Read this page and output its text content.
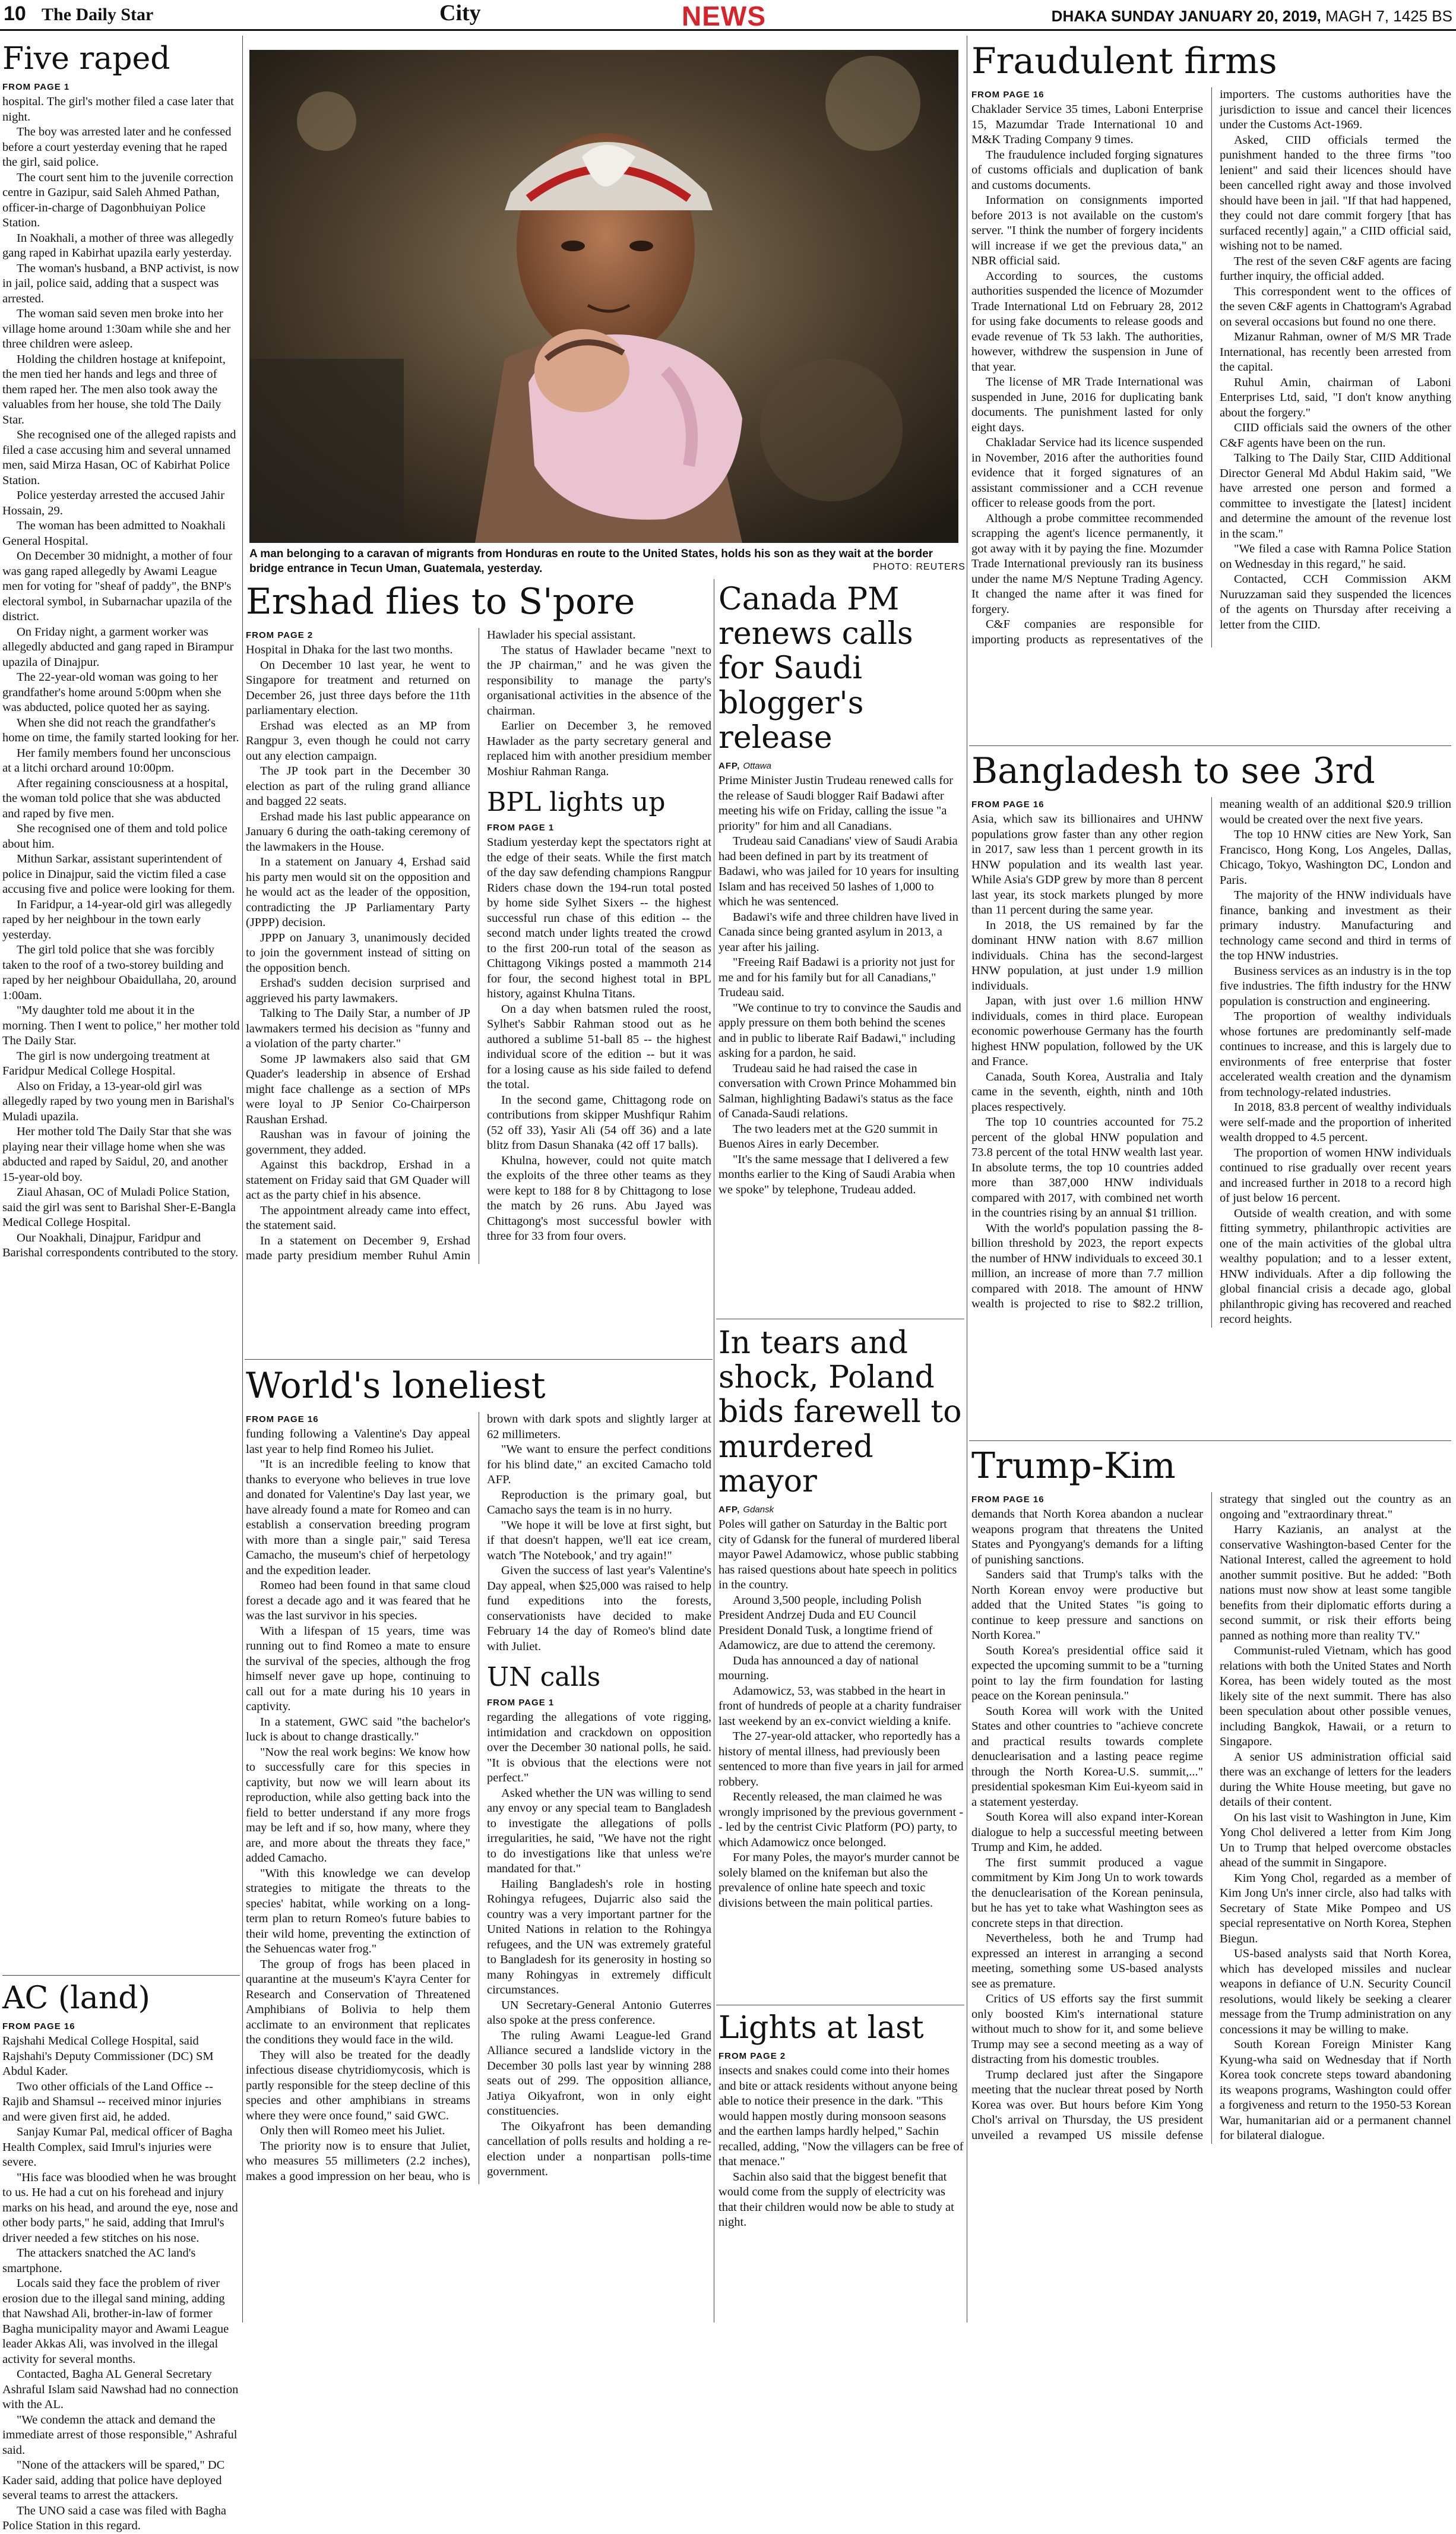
10 The Daily Star	City	NEWS	DHAKA SUNDAY JANUARY 20, 2019, MAGH 7, 1425 BS
A man belonging to a caravan of migrants from Honduras en route to the United States, holds his son as they wait at the border bridge entrance in Tecun Uman, Guatemala, yesterday.	PHOTO: REUTERS
Five raped
FROM PAGE 1

hospital. The girl's mother filed a case later that night.

The boy was arrested later and he confessed before a court yesterday evening that he raped the girl, said police.

The court sent him to the juvenile correction centre in Gazipur, said Saleh Ahmed Pathan, officer-in-charge of Dagonbhuiyan Police Station.

In Noakhali, a mother of three was allegedly gang raped in Kabirhat upazila early yesterday.

The woman's husband, a BNP activist, is now in jail, police said, adding that a suspect was arrested.

The woman said seven men broke into her village home around 1:30am while she and her three children were asleep.

Holding the children hostage at knifepoint, the men tied her hands and legs and three of them raped her. The men also took away the valuables from her house, she told The Daily Star.

She recognised one of the alleged rapists and filed a case accusing him and several unnamed men, said Mirza Hasan, OC of Kabirhat Police Station.

Police yesterday arrested the accused Jahir Hossain, 29.

The woman has been admitted to Noakhali General Hospital.

On December 30 midnight, a mother of four was gang raped allegedly by Awami League men for voting for "sheaf of paddy", the BNP's electoral symbol, in Subarnachar upazila of the district.

On Friday night, a garment worker was allegedly abducted and gang raped in Birampur upazila of Dinajpur.

The 22-year-old woman was going to her grandfather's home around 5:00pm when she was abducted, police quoted her as saying.

When she did not reach the grandfather's home on time, the family started looking for her.

Her family members found her unconscious at a litchi orchard around 10:00pm.

After regaining consciousness at a hospital, the woman told police that she was abducted and raped by five men.

She recognised one of them and told police about him.

Mithun Sarkar, assistant superintendent of police in Dinajpur, said the victim filed a case accusing five and police were looking for them.

In Faridpur, a 14-year-old girl was allegedly raped by her neighbour in the town early yesterday.

The girl told police that she was forcibly taken to the roof of a two-storey building and raped by her neighbour Obaidullaha, 20, around 1:00am.

"My daughter told me about it in the morning. Then I went to police," her mother told The Daily Star.

The girl is now undergoing treatment at Faridpur Medical College Hospital.

Also on Friday, a 13-year-old girl was allegedly raped by two young men in Barishal's Muladi upazila.

Her mother told The Daily Star that she was playing near their village home when she was abducted and raped by Saidul, 20, and another 15-year-old boy.

Ziaul Ahasan, OC of Muladi Police Station, said the girl was sent to Barishal Sher-E-Bangla Medical College Hospital.

Our Noakhali, Dinajpur, Faridpur and Barishal correspondents contributed to the story.

AC (land)
FROM PAGE 16

Rajshahi Medical College Hospital, said Rajshahi's Deputy Commissioner (DC) SM Abdul Kader.

Two other officials of the Land Office -- Rajib and Shamsul -- received minor injuries and were given first aid, he added.

Sanjay Kumar Pal, medical officer of Bagha Health Complex, said Imrul's injuries were severe.

"His face was bloodied when he was brought to us. He had a cut on his forehead and injury marks on his head, and around the eye, nose and other body parts," he said, adding that Imrul's driver needed a few stitches on his nose.

The attackers snatched the AC land's smartphone.

Locals said they face the problem of river erosion due to the illegal sand mining, adding that Nawshad Ali, brother-in-law of former Bagha municipality mayor and Awami League leader Akkas Ali, was involved in the illegal activity for several months.

Contacted, Bagha AL General Secretary Ashraful Islam said Nawshad had no connection with the AL.

"We condemn the attack and demand the immediate arrest of those responsible," Ashraful said.

"None of the attackers will be spared," DC Kader said, adding that police have deployed several teams to arrest the attackers.

The UNO said a case was filed with Bagha Police Station in this regard.

Ershad flies to S'pore
FROM PAGE 2

Hospital in Dhaka for the last two months.

On December 10 last year, he went to Singapore for treatment and returned on December 26, just three days before the 11th parliamentary election.

Ershad was elected as an MP from Rangpur 3, even though he could not carry out any election campaign.

The JP took part in the December 30 election as part of the ruling grand alliance and bagged 22 seats.

Ershad made his last public appearance on January 6 during the oath-taking ceremony of the lawmakers in the House.

In a statement on January 4, Ershad said his party men would sit on the opposition and he would act as the leader of the opposition, contradicting the JP Parliamentary Party (JPPP) decision.

JPPP on January 3, unanimously decided to join the government instead of sitting on the opposition bench.

Ershad's sudden decision surprised and aggrieved his party lawmakers.

Talking to The Daily Star, a number of JP lawmakers termed his decision as "funny and a violation of the party charter."

Some JP lawmakers also said that GM Quader's leadership in absence of Ershad might face challenge as a section of MPs were loyal to JP Senior Co-Chairperson Raushan Ershad.

Raushan was in favour of joining the government, they added.

Against this backdrop, Ershad in a statement on Friday said that GM Quader will act as the party chief in his absence.

The appointment already came into effect, the statement said.

In a statement on December 9, Ershad made party presidium member Ruhul Amin Hawlader his special assistant.

The status of Hawlader became "next to the JP chairman," and he was given the responsibility to manage the party's organisational activities in the absence of the chairman.

Earlier on December 3, he removed Hawlader as the party secretary general and replaced him with another presidium member Moshiur Rahman Ranga.

BPL lights up
FROM PAGE 1

Stadium yesterday kept the spectators right at the edge of their seats. While the first match of the day saw defending champions Rangpur Riders chase down the 194-run total posted by home side Sylhet Sixers -- the highest successful run chase of this edition -- the second match under lights treated the crowd to the first 200-run total of the season as Chittagong Vikings posted a mammoth 214 for four, the second highest total in BPL history, against Khulna Titans.

On a day when batsmen ruled the roost, Sylhet's Sabbir Rahman stood out as he authored a sublime 51-ball 85 -- the highest individual score of the edition -- but it was for a losing cause as his side failed to defend the total.

In the second game, Chittagong rode on contributions from skipper Mushfiqur Rahim (52 off 33), Yasir Ali (54 off 36) and a late blitz from Dasun Shanaka (42 off 17 balls).

Khulna, however, could not quite match the exploits of the three other teams as they were kept to 188 for 8 by Chittagong to lose the match by 26 runs. Abu Jayed was Chittagong's most successful bowler with three for 33 from four overs.

World's loneliest
FROM PAGE 16

funding following a Valentine's Day appeal last year to help find Romeo his Juliet.

"It is an incredible feeling to know that thanks to everyone who believes in true love and donated for Valentine's Day last year, we have already found a mate for Romeo and can establish a conservation breeding program with more than a single pair," said Teresa Camacho, the museum's chief of herpetology and the expedition leader.

Romeo had been found in that same cloud forest a decade ago and it was feared that he was the last survivor in his species.

With a lifespan of 15 years, time was running out to find Romeo a mate to ensure the survival of the species, although the frog himself never gave up hope, continuing to call out for a mate during his 10 years in captivity.

In a statement, GWC said "the bachelor's luck is about to change drastically."

"Now the real work begins: We know how to successfully care for this species in captivity, but now we will learn about its reproduction, while also getting back into the field to better understand if any more frogs may be left and if so, how many, where they are, and more about the threats they face," added Camacho.

"With this knowledge we can develop strategies to mitigate the threats to the species' habitat, while working on a long-term plan to return Romeo's future babies to their wild home, preventing the extinction of the Sehuencas water frog."

The group of frogs has been placed in quarantine at the museum's K'ayra Center for Research and Conservation of Threatened Amphibians of Bolivia to help them acclimate to an environment that replicates the conditions they would face in the wild.

They will also be treated for the deadly infectious disease chytridiomycosis, which is partly responsible for the steep decline of this species and other amphibians in streams where they were once found," said GWC.

Only then will Romeo meet his Juliet.

The priority now is to ensure that Juliet, who measures 55 millimeters (2.2 inches), makes a good impression on her beau, who is brown with dark spots and slightly larger at 62 millimeters.

"We want to ensure the perfect conditions for his blind date," an excited Camacho told AFP.

Reproduction is the primary goal, but Camacho says the team is in no hurry.

"We hope it will be love at first sight, but if that doesn't happen, we'll eat ice cream, watch 'The Notebook,' and try again!"

Given the success of last year's Valentine's Day appeal, when $25,000 was raised to help fund expeditions into the forests, conservationists have decided to make February 14 the day of Romeo's blind date with Juliet.

UN calls
FROM PAGE 1

regarding the allegations of vote rigging, intimidation and crackdown on opposition over the December 30 national polls, he said. "It is obvious that the elections were not perfect."

Asked whether the UN was willing to send any envoy or any special team to Bangladesh to investigate the allegations of polls irregularities, he said, "We have not the right to do investigations like that unless we're mandated for that."

Hailing Bangladesh's role in hosting Rohingya refugees, Dujarric also said the country was a very important partner for the United Nations in relation to the Rohingya refugees, and the UN was extremely grateful to Bangladesh for its generosity in hosting so many Rohingyas in extremely difficult circumstances.

UN Secretary-General Antonio Guterres also spoke at the press conference.

The ruling Awami League-led Grand Alliance secured a landslide victory in the December 30 polls last year by winning 288 seats out of 299. The opposition alliance, Jatiya Oikyafront, won in only eight constituencies.

The Oikyafront has been demanding cancellation of polls results and holding a re-election under a nonpartisan polls-time government.

Canada PM renews calls for Saudi blogger's release
AFP, Ottawa

Prime Minister Justin Trudeau renewed calls for the release of Saudi blogger Raif Badawi after meeting his wife on Friday, calling the issue "a priority" for him and all Canadians.

Trudeau said Canadians' view of Saudi Arabia had been defined in part by its treatment of Badawi, who was jailed for 10 years for insulting Islam and has received 50 lashes of 1,000 to which he was sentenced.

Badawi's wife and three children have lived in Canada since being granted asylum in 2013, a year after his jailing.

"Freeing Raif Badawi is a priority not just for me and for his family but for all Canadians," Trudeau said.

"We continue to try to convince the Saudis and apply pressure on them both behind the scenes and in public to liberate Raif Badawi," including asking for a pardon, he said.

Trudeau said he had raised the case in conversation with Crown Prince Mohammed bin Salman, highlighting Badawi's status as the face of Canada-Saudi relations.

The two leaders met at the G20 summit in Buenos Aires in early December.

"It's the same message that I delivered a few months earlier to the King of Saudi Arabia when we spoke" by telephone, Trudeau added.

In tears and shock, Poland bids farewell to murdered mayor
AFP, Gdansk

Poles will gather on Saturday in the Baltic port city of Gdansk for the funeral of murdered liberal mayor Pawel Adamowicz, whose public stabbing has raised questions about hate speech in politics in the country.

Around 3,500 people, including Polish President Andrzej Duda and EU Council President Donald Tusk, a longtime friend of Adamowicz, are due to attend the ceremony.

Duda has announced a day of national mourning.

Adamowicz, 53, was stabbed in the heart in front of hundreds of people at a charity fundraiser last weekend by an ex-convict wielding a knife.

The 27-year-old attacker, who reportedly has a history of mental illness, had previously been sentenced to more than five years in jail for armed robbery.

Recently released, the man claimed he was wrongly imprisoned by the previous government -- led by the centrist Civic Platform (PO) party, to which Adamowicz once belonged.

For many Poles, the mayor's murder cannot be solely blamed on the knifeman but also the prevalence of online hate speech and toxic divisions between the main political parties.

Lights at last
FROM PAGE 2

insects and snakes could come into their homes and bite or attack residents without anyone being able to notice their presence in the dark. "This would happen mostly during monsoon seasons and the earthen lamps hardly helped," Sachin recalled, adding, "Now the villagers can be free of that menace."

Sachin also said that the biggest benefit that would come from the supply of electricity was that their children would now be able to study at night.

Fraudulent firms
FROM PAGE 16

Chaklader Service 35 times, Laboni Enterprise 15, Mazumdar Trade International 10 and M&K Trading Company 9 times.

The fraudulence included forging signatures of customs officials and duplication of bank and customs documents.

Information on consignments imported before 2013 is not available on the custom's server. "I think the number of forgery incidents will increase if we get the previous data," an NBR official said.

According to sources, the customs authorities suspended the licence of Mozumder Trade International Ltd on February 28, 2012 for using fake documents to release goods and evade revenue of Tk 53 lakh. The authorities, however, withdrew the suspension in June of that year.

The license of MR Trade International was suspended in June, 2016 for duplicating bank documents. The punishment lasted for only eight days.

Chakladar Service had its licence suspended in November, 2016 after the authorities found evidence that it forged signatures of an assistant commissioner and a CCH revenue officer to release goods from the port.

Although a probe committee recommended scrapping the agent's licence permanently, it got away with it by paying the fine. Mozumder Trade International previously ran its business under the name M/S Neptune Trading Agency. It changed the name after it was fined for forgery.

C&F companies are responsible for importing products as representatives of the importers. The customs authorities have the jurisdiction to issue and cancel their licences under the Customs Act-1969.

Asked, CIID officials termed the punishment handed to the three firms "too lenient" and said their licences should have been cancelled right away and those involved should have been in jail. "If that had happened, they could not dare commit forgery [that has surfaced recently] again," a CIID official said, wishing not to be named.

The rest of the seven C&F agents are facing further inquiry, the official added.

This correspondent went to the offices of the seven C&F agents in Chattogram's Agrabad on several occasions but found no one there.

Mizanur Rahman, owner of M/S MR Trade International, has recently been arrested from the capital.

Ruhul Amin, chairman of Laboni Enterprises Ltd, said, "I don't know anything about the forgery."

CIID officials said the owners of the other C&F agents have been on the run.

Talking to The Daily Star, CIID Additional Director General Md Abdul Hakim said, "We have arrested one person and formed a committee to investigate the [latest] incident and determine the amount of the revenue lost in the scam."

"We filed a case with Ramna Police Station on Wednesday in this regard," he said.

Contacted, CCH Commission AKM Nuruzzaman said they suspended the licences of the agents on Thursday after receiving a letter from the CIID.

Bangladesh to see 3rd
FROM PAGE 16

Asia, which saw its billionaires and UHNW populations grow faster than any other region in 2017, saw less than 1 percent growth in its HNW population and its wealth last year. While Asia's GDP grew by more than 8 percent last year, its stock markets plunged by more than 11 percent during the same year.

In 2018, the US remained by far the dominant HNW nation with 8.67 million individuals. China has the second-largest HNW population, at just under 1.9 million individuals.

Japan, with just over 1.6 million HNW individuals, comes in third place. European economic powerhouse Germany has the fourth highest HNW population, followed by the UK and France.

Canada, South Korea, Australia and Italy came in the seventh, eighth, ninth and 10th places respectively.

The top 10 countries accounted for 75.2 percent of the global HNW population and 73.8 percent of the total HNW wealth last year. In absolute terms, the top 10 countries added more than 387,000 HNW individuals compared with 2017, with combined net worth in the countries rising by an annual $1 trillion.

With the world's population passing the 8-billion threshold by 2023, the report expects the number of HNW individuals to exceed 30.1 million, an increase of more than 7.7 million compared with 2018. The amount of HNW wealth is projected to rise to $82.2 trillion, meaning wealth of an additional $20.9 trillion would be created over the next five years.

The top 10 HNW cities are New York, San Francisco, Hong Kong, Los Angeles, Dallas, Chicago, Tokyo, Washington DC, London and Paris.

The majority of the HNW individuals have finance, banking and investment as their primary industry. Manufacturing and technology came second and third in terms of the top HNW industries.

Business services as an industry is in the top five industries. The fifth industry for the HNW population is construction and engineering.

The proportion of wealthy individuals whose fortunes are predominantly self-made continues to increase, and this is largely due to environments of free enterprise that foster accelerated wealth creation and the dynamism from technology-related industries.

In 2018, 83.8 percent of wealthy individuals were self-made and the proportion of inherited wealth dropped to 4.5 percent.

The proportion of women HNW individuals continued to rise gradually over recent years and increased further in 2018 to a record high of just below 16 percent.

Outside of wealth creation, and with some fitting symmetry, philanthropic activities are one of the main activities of the global ultra wealthy population; and to a lesser extent, HNW individuals. After a dip following the global financial crisis a decade ago, global philanthropic giving has recovered and reached record heights.

Trump-Kim
FROM PAGE 16

demands that North Korea abandon a nuclear weapons program that threatens the United States and Pyongyang's demands for a lifting of punishing sanctions.

Sanders said that Trump's talks with the North Korean envoy were productive but added that the United States "is going to continue to keep pressure and sanctions on North Korea."

South Korea's presidential office said it expected the upcoming summit to be a "turning point to lay the firm foundation for lasting peace on the Korean peninsula."

South Korea will work with the United States and other countries to "achieve concrete and practical results towards complete denuclearisation and a lasting peace regime through the North Korea-U.S. summit,..." presidential spokesman Kim Eui-kyeom said in a statement yesterday.

South Korea will also expand inter-Korean dialogue to help a successful meeting between Trump and Kim, he added.

The first summit produced a vague commitment by Kim Jong Un to work towards the denuclearisation of the Korean peninsula, but he has yet to take what Washington sees as concrete steps in that direction.

Nevertheless, both he and Trump had expressed an interest in arranging a second meeting, something some US-based analysts see as premature.

Critics of US efforts say the first summit only boosted Kim's international stature without much to show for it, and some believe Trump may see a second meeting as a way of distracting from his domestic troubles.

Trump declared just after the Singapore meeting that the nuclear threat posed by North Korea was over. But hours before Kim Yong Chol's arrival on Thursday, the US president unveiled a revamped US missile defense strategy that singled out the country as an ongoing and "extraordinary threat."

Harry Kazianis, an analyst at the conservative Washington-based Center for the National Interest, called the agreement to hold another summit positive. But he added: "Both nations must now show at least some tangible benefits from their diplomatic efforts during a second summit, or risk their efforts being panned as nothing more than reality TV."

Communist-ruled Vietnam, which has good relations with both the United States and North Korea, has been widely touted as the most likely site of the next summit. There has also been speculation about other possible venues, including Bangkok, Hawaii, or a return to Singapore.

A senior US administration official said there was an exchange of letters for the leaders during the White House meeting, but gave no details of their content.

On his last visit to Washington in June, Kim Yong Chol delivered a letter from Kim Jong Un to Trump that helped overcome obstacles ahead of the summit in Singapore.

Kim Yong Chol, regarded as a member of Kim Jong Un's inner circle, also had talks with Secretary of State Mike Pompeo and US special representative on North Korea, Stephen Biegun.

US-based analysts said that North Korea, which has developed missiles and nuclear weapons in defiance of U.N. Security Council resolutions, would likely be seeking a clearer message from the Trump administration on any concessions it may be willing to make.

South Korean Foreign Minister Kang Kyung-wha said on Wednesday that if North Korea took concrete steps toward abandoning its weapons programs, Washington could offer a forgiveness and return to the 1950-53 Korean War, humanitarian aid or a permanent channel for bilateral dialogue.
